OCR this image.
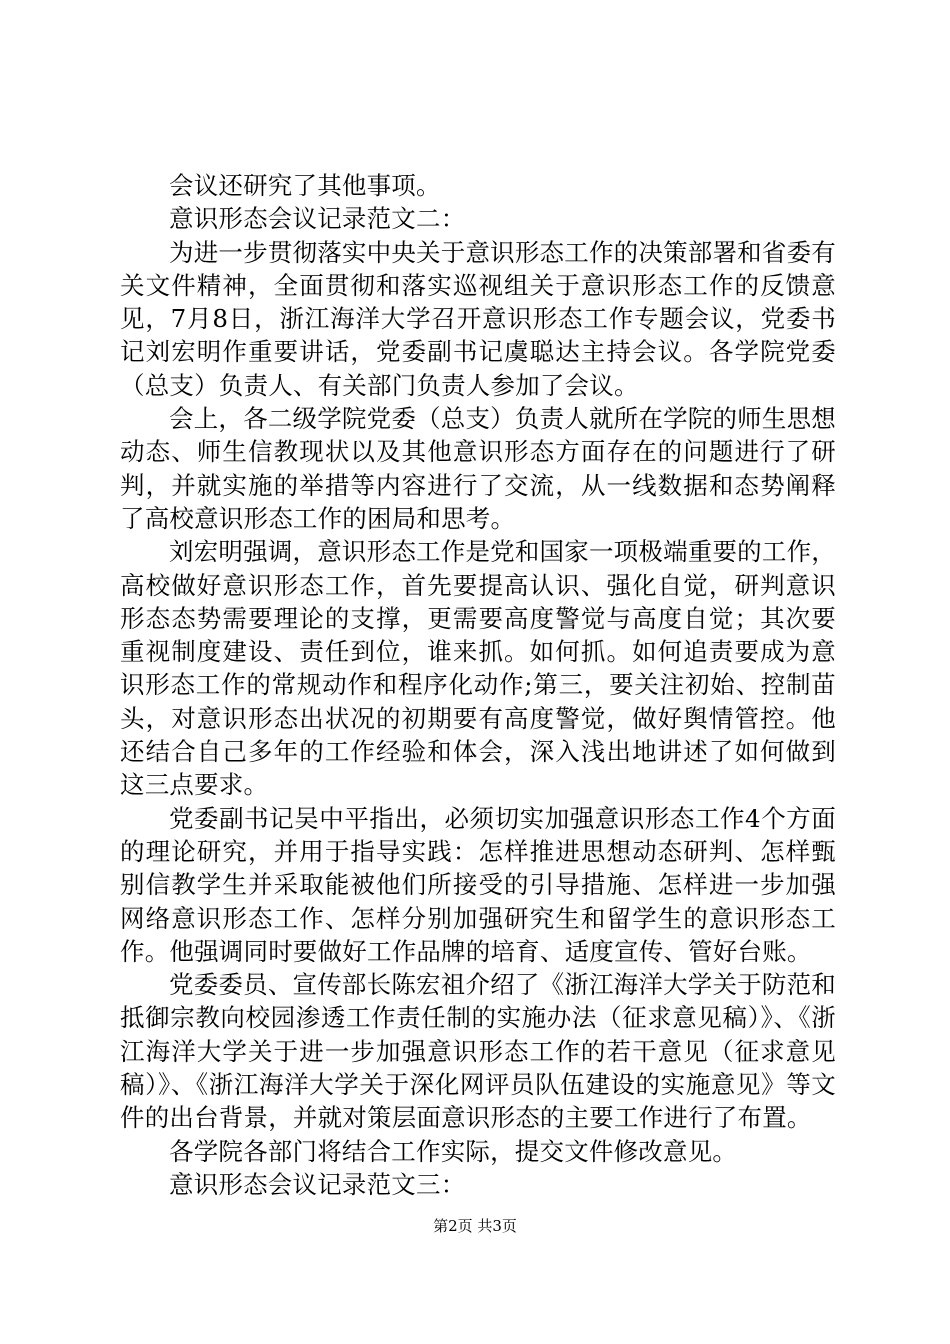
会议还研究了其他事项。

意识形态会议记录范文二：

为进一步贯彻落实中央关于意识形态工作的决策部署和省委有关文件精神，全面贯彻和落实巡视组关于意识形态工作的反馈意见，7月8日，浙江海洋大学召开意识形态工作专题会议，党委书记刘宏明作重要讲话，党委副书记虞聪达主持会议。各学院党委（总支）负责人、有关部门负责人参加了会议。

会上，各二级学院党委（总支）负责人就所在学院的师生思想动态、师生信教现状以及其他意识形态方面存在的问题进行了研判，并就实施的举措等内容进行了交流，从一线数据和态势阐释了高校意识形态工作的困局和思考。

刘宏明强调，意识形态工作是党和国家一项极端重要的工作，高校做好意识形态工作，首先要提高认识、强化自觉，研判意识形态态势需要理论的支撑，更需要高度警觉与高度自觉；其次要重视制度建设、责任到位，谁来抓。如何抓。如何追责要成为意识形态工作的常规动作和程序化动作;第三，要关注初始、控制苗头，对意识形态出状况的初期要有高度警觉，做好舆情管控。他还结合自己多年的工作经验和体会，深入浅出地讲述了如何做到这三点要求。

党委副书记吴中平指出，必须切实加强意识形态工作4个方面的理论研究，并用于指导实践：怎样推进思想动态研判、怎样甄别信教学生并采取能被他们所接受的引导措施、怎样进一步加强网络意识形态工作、怎样分别加强研究生和留学生的意识形态工作。他强调同时要做好工作品牌的培育、适度宣传、管好台账。

党委委员、宣传部长陈宏祖介绍了《浙江海洋大学关于防范和抵御宗教向校园渗透工作责任制的实施办法（征求意见稿）》、《浙江海洋大学关于进一步加强意识形态工作的若干意见（征求意见稿）》、《浙江海洋大学关于深化网评员队伍建设的实施意见》等文件的出台背景，并就对策层面意识形态的主要工作进行了布置。

各学院各部门将结合工作实际，提交文件修改意见。

意识形态会议记录范文三：

第2页 共3页
